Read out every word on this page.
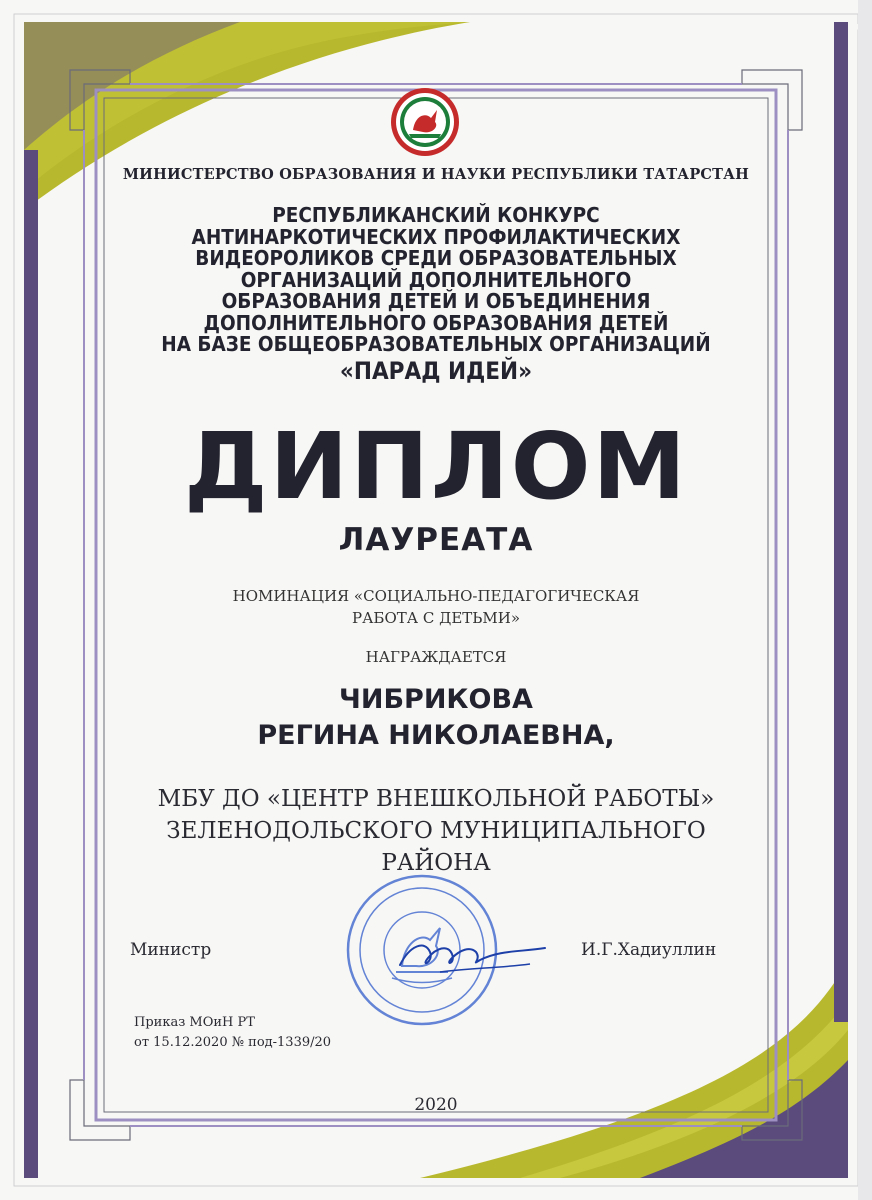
МИНИСТЕРСТВО ОБРАЗОВАНИЯ И НАУКИ РЕСПУБЛИКИ ТАТАРСТАН
РЕСПУБЛИКАНСКИЙ КОНКУРС
АНТИНАРКОТИЧЕСКИХ ПРОФИЛАКТИЧЕСКИХ
ВИДЕОРОЛИКОВ СРЕДИ ОБРАЗОВАТЕЛЬНЫХ
ОРГАНИЗАЦИЙ ДОПОЛНИТЕЛЬНОГО
ОБРАЗОВАНИЯ ДЕТЕЙ И ОБЪЕДИНЕНИЯ
ДОПОЛНИТЕЛЬНОГО ОБРАЗОВАНИЯ ДЕТЕЙ
НА БАЗЕ ОБЩЕОБРАЗОВАТЕЛЬНЫХ ОРГАНИЗАЦИЙ
«ПАРАД ИДЕЙ»
ДИПЛОМ
ЛАУРЕАТА
НОМИНАЦИЯ «СОЦИАЛЬНО-ПЕДАГОГИЧЕСКАЯ
РАБОТА С ДЕТЬМИ»
НАГРАЖДАЕТСЯ
ЧИБРИКОВА
РЕГИНА НИКОЛАЕВНА,
МБУ ДО «ЦЕНТР ВНЕШКОЛЬНОЙ РАБОТЫ»
ЗЕЛЕНОДОЛЬСКОГО МУНИЦИПАЛЬНОГО
РАЙОНА
Министр	И.Г.Хадиуллин
Приказ МОиН РТ
от 15.12.2020 № под-1339/20
2020
